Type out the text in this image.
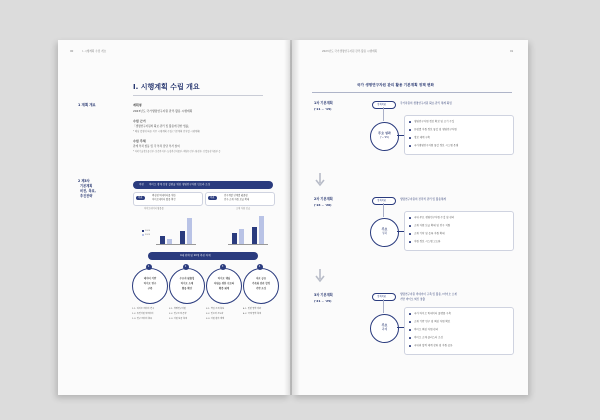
90	I. 시행계획 수립 개요
I. 시행계획 수립 개요
1 계획 개요	계획명
2023년도 국가생명연구자원 관리·활용 시행계획
수립 근거
「생명연구자원의 확보·관리 및 활용에 관한 법률」
* 해당 법령에 따른 의무 시행계획 수립 (기본계획 연차별 시행계획)
수립 주체
관계 부처 합동 및 각 부처 담당 부서 참여
* 과학기술정보통신부, 보건복지부, 농림축산식품부, 해양수산부, 환경부, 산업통상자원부 등
2 제3차
기본계획
비전, 목표,
추진전략
비전 바이오 경제 성장 실현을 위한 생명연구자원 인프라 조성
목표
핵심형 빅데이터를 위한
바이오데이터 활용 확산
목표
연구개발 단계별 맞춤형
연구·소재 자원 보급 확대
바이오데이터 활용률
2020
2025
소재 자원 보급
4대 전략 및 10개 추진 과제
데이터 기반
바이오 연구
구축
1
1-1. 바이오 데이터 연구
1-2. 유전자원 빅데이터
1-3. 연구 데이터 활용
수요자 맞춤형
바이오 소재
활용 확산
2
2-1. 생명연구자원
2-2. 연구소재 은행
2-3. 자원 보급 확대
바이오 핵심
자원을 위한 인프라
확충 체계
3
3-1. 핵심 소재 확보
3-2. 인프라 고도화
3-3. 자원 관리 체계
자료 공유
가속화 민관 협력
기반 조성
4
4-1. 민관 협력 강화
4-2. 국제 협력 확대
2023년도 국가생명연구자원 관리·활용 시행계획	91
국가 생명연구자원 관리 활용 기본계획 정책 변화
1차 기본계획
('11 ~ '15)
정책목표	국가차원의 생명연구자원 확보·관리 체계 확립
주요 성과
('~'15)
생명연구자원 정보 확보 및 조기 수집
유형별 자원 정보 통합 및 생명연구자원
정보 체계 구축
국가생명연구자원 통합 정보 시스템 운영
2차 기본계획
('16 ~ '20)
정책목표	생명연구자원의 전략적 관리 및 활용체계
주요
성과
국내 주요 생명연구자원 수집 및 관리
소재 자원 보급 확대 및 연구 지원
소재 기탁 및 등록 자원 확대
자원 정보 시스템 고도화
3차 기본계획
('21 ~ '25)
정책목표
생명연구자원 빅데이터 구축 및 활용 / 바이오 소재
기반 바이오 혁신 창출
주요
과제
국가 바이오 빅데이터 플랫폼 구축
소재 기반 연구 및 핵심 자원 확보
바이오 핵심 자원 관리
바이오 소재 클러스터 조성
국내외 협력 체계 강화 및 자원 공유
